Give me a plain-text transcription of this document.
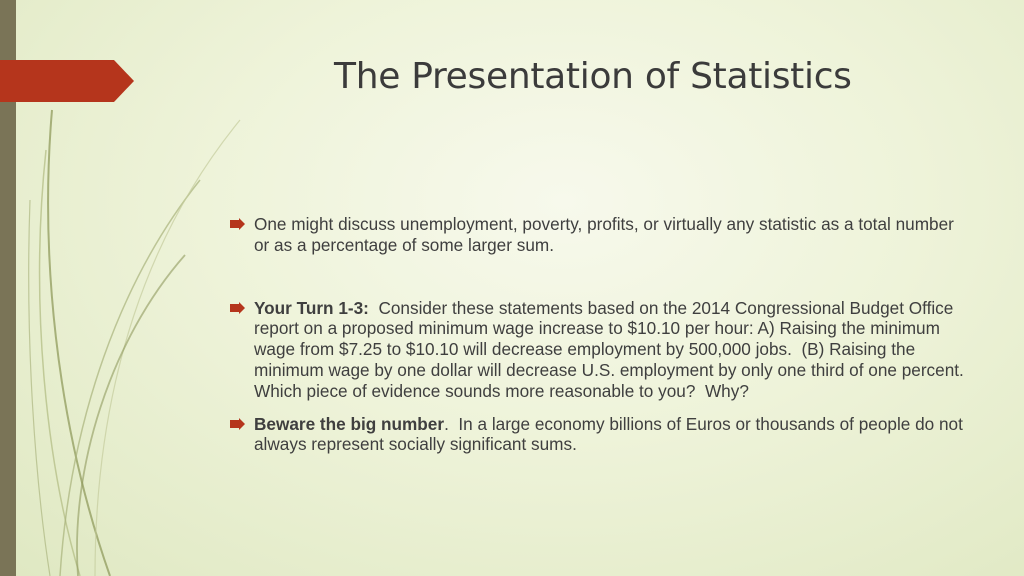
The Presentation of Statistics
One might discuss unemployment, poverty, profits, or virtually any statistic as a total number or as a percentage of some larger sum.
Your Turn 1-3:  Consider these statements based on the 2014 Congressional Budget Office report on a proposed minimum wage increase to $10.10 per hour: A) Raising the minimum wage from $7.25 to $10.10 will decrease employment by 500,000 jobs.  (B) Raising the minimum wage by one dollar will decrease U.S. employment by only one third of one percent.  Which piece of evidence sounds more reasonable to you?  Why?
Beware the big number.  In a large economy billions of Euros or thousands of people do not always represent socially significant sums.
